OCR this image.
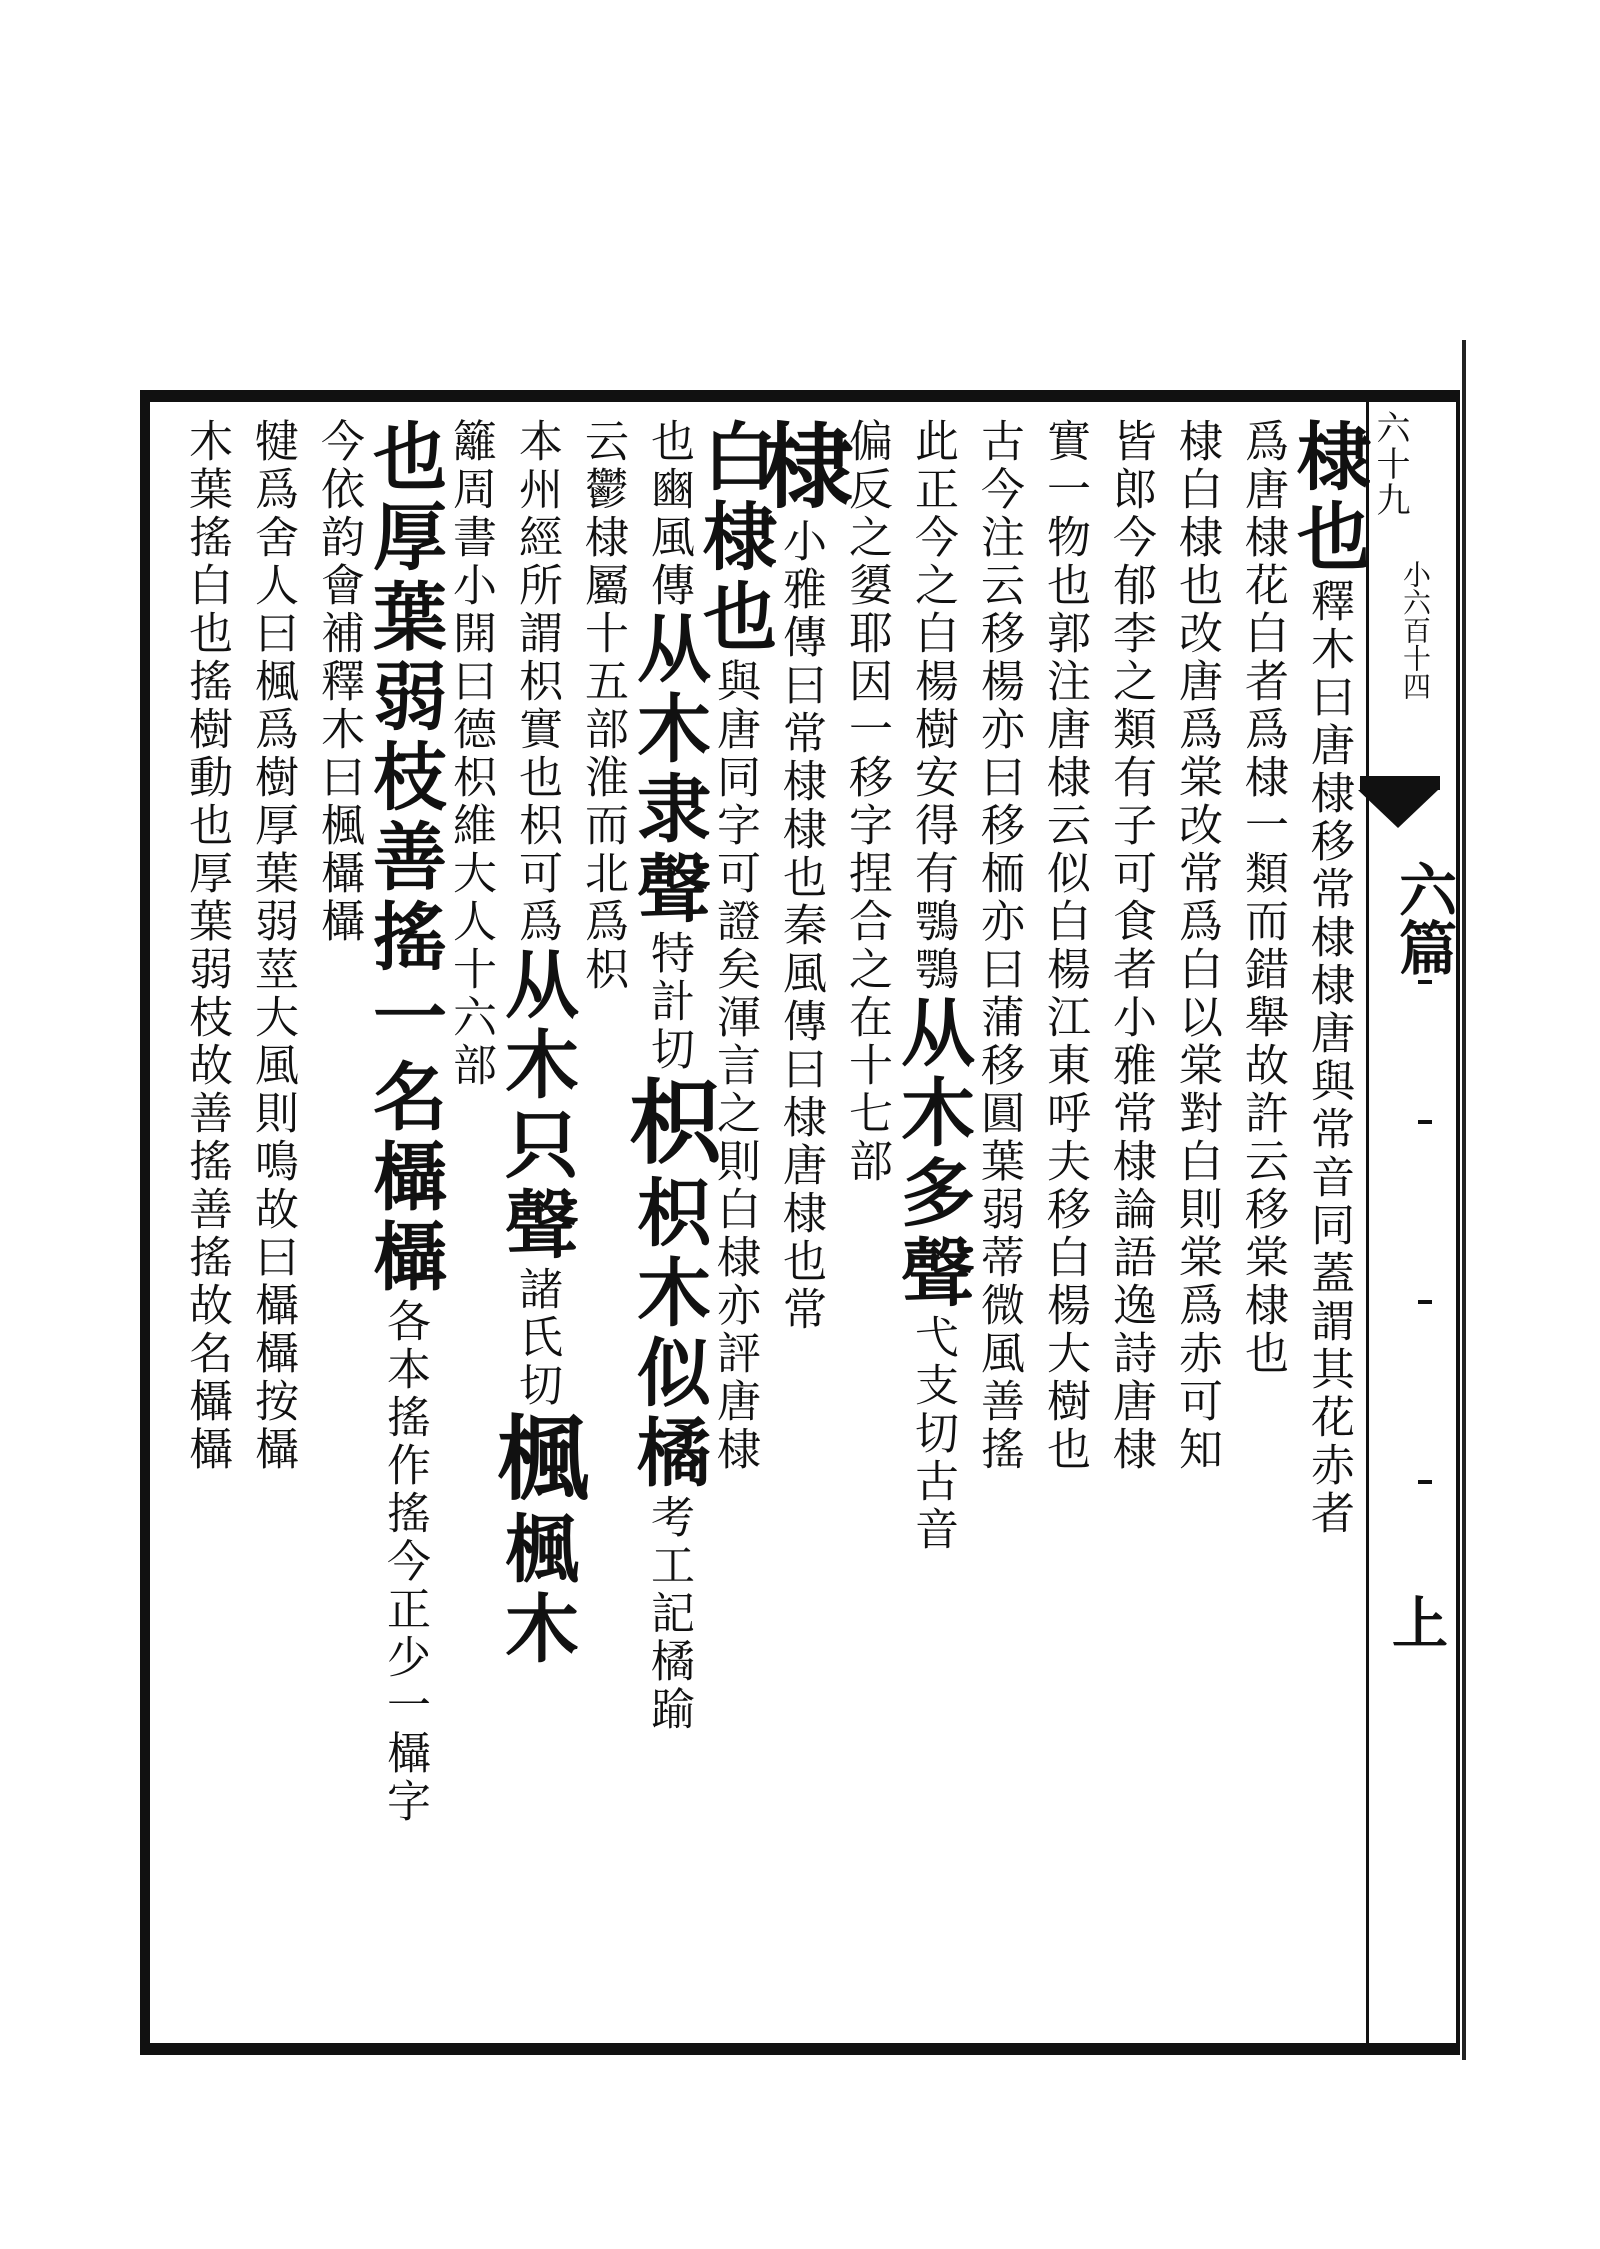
六十九
小六百十四
六篇
上
棣也釋木曰唐棣移常棣棣唐與常音同蓋謂其花赤者
爲唐棣花白者爲棣一類而錯舉故許云移棠棣也
棣白棣也改唐爲棠改常爲白以棠對白則棠爲赤可知
皆郎今郁李之類有子可食者小雅常棣論語逸詩唐棣
實一物也郭注唐棣云似白楊江東呼夫移白楊大樹也
古今注云移楊亦曰移栭亦曰蒲移圓葉弱蒂微風善搖
此正今之白楊樹安得有鶚鶚从木多聲弋支切古音
偏反之嬃耶因一移字捏合之在十七部
棣小雅傳曰常棣棣也秦風傳曰棣唐棣也常
白棣也與唐同字可證矣渾言之則白棣亦評唐棣
也豳風傳从木隶聲特計切枳枳木似橘考工記橘踰
云鬱棣屬十五部淮而北爲枳
本州經所謂枳實也枳可爲从木只聲諸氏切楓楓木
籬周書小開曰德枳維大人十六部
也厚葉弱枝善搖一名欇欇各本搖作搖今正少一欇字
今依韵會補釋木曰楓欇欇
犍爲舍人曰楓爲樹厚葉弱莖大風則鳴故曰欇欇按欇
木葉搖白也搖樹動也厚葉弱枝故善搖善搖故名欇欇
